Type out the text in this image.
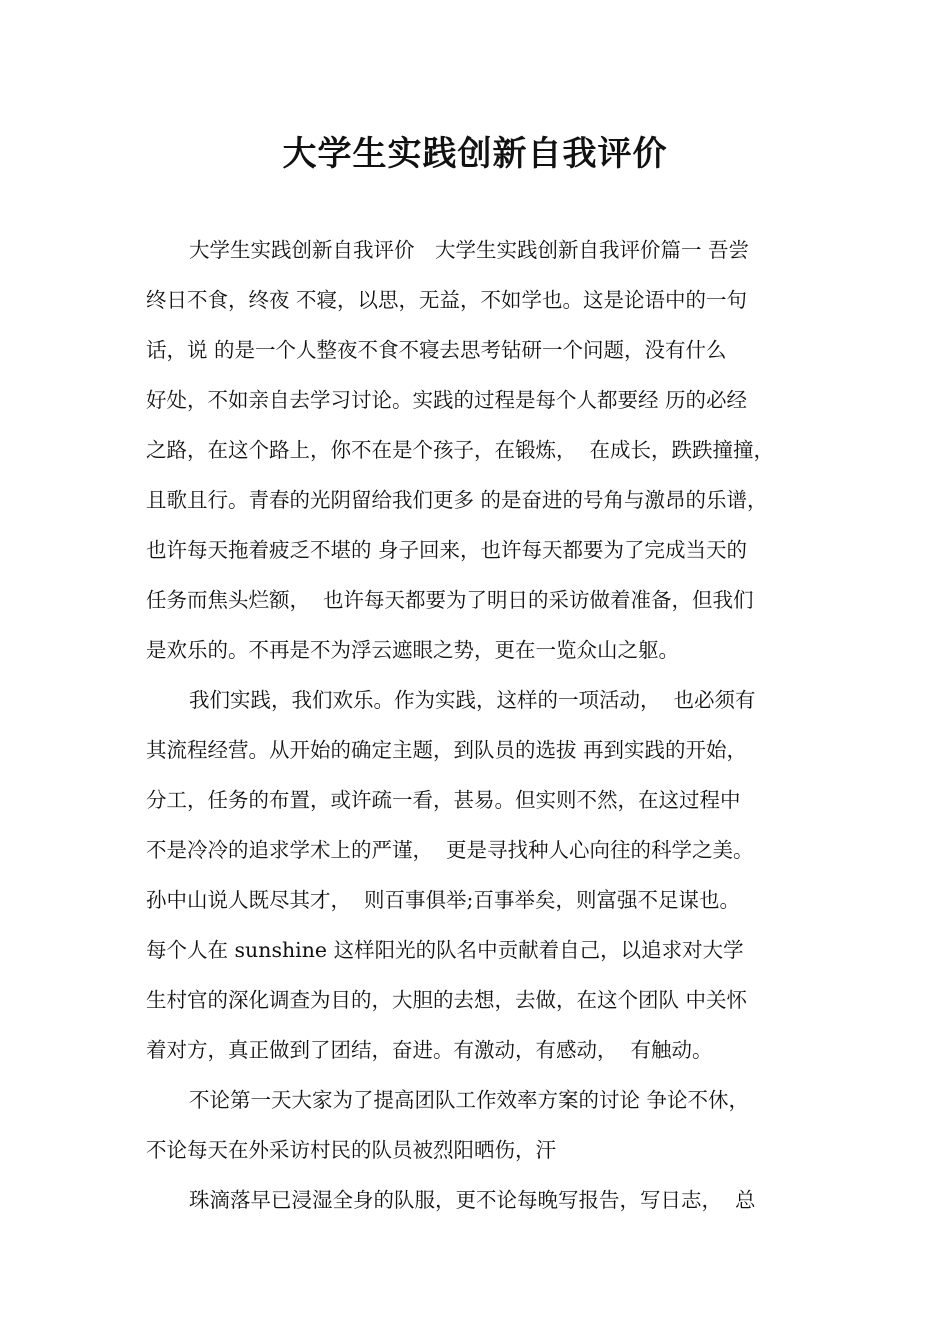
大学生实践创新自我评价

大学生实践创新自我评价　大学生实践创新自我评价篇一 吾尝

终日不食，终夜 不寝，以思，无益，不如学也。这是论语中的一句

话，说 的是一个人整夜不食不寝去思考钻研一个问题，没有什么

好处，不如亲自去学习讨论。实践的过程是每个人都要经 历的必经

之路，在这个路上，你不在是个孩子，在锻炼，  在成长，跌跌撞撞，

且歌且行。青春的光阴留给我们更多 的是奋进的号角与激昂的乐谱，

也许每天拖着疲乏不堪的 身子回来，也许每天都要为了完成当天的

任务而焦头烂额，  也许每天都要为了明日的采访做着准备，但我们

是欢乐的。不再是不为浮云遮眼之势，更在一览众山之躯。

我们实践，我们欢乐。作为实践，这样的一项活动，  也必须有

其流程经营。从开始的确定主题，到队员的选拔 再到实践的开始，

分工，任务的布置，或许疏一看，甚易。但实则不然，在这过程中

不是冷冷的追求学术上的严谨，  更是寻找种人心向往的科学之美。

孙中山说人既尽其才，  则百事俱举;百事举矣，则富强不足谋也。

每个人在 sunshine 这样阳光的队名中贡献着自己，以追求对大学

生村官的深化调查为目的，大胆的去想，去做，在这个团队 中关怀

着对方，真正做到了团结，奋进。有激动，有感动，  有触动。

不论第一天大家为了提高团队工作效率方案的讨论 争论不休，

不论每天在外采访村民的队员被烈阳晒伤，汗

珠滴落早已浸湿全身的队服，更不论每晚写报告，写日志，  总
